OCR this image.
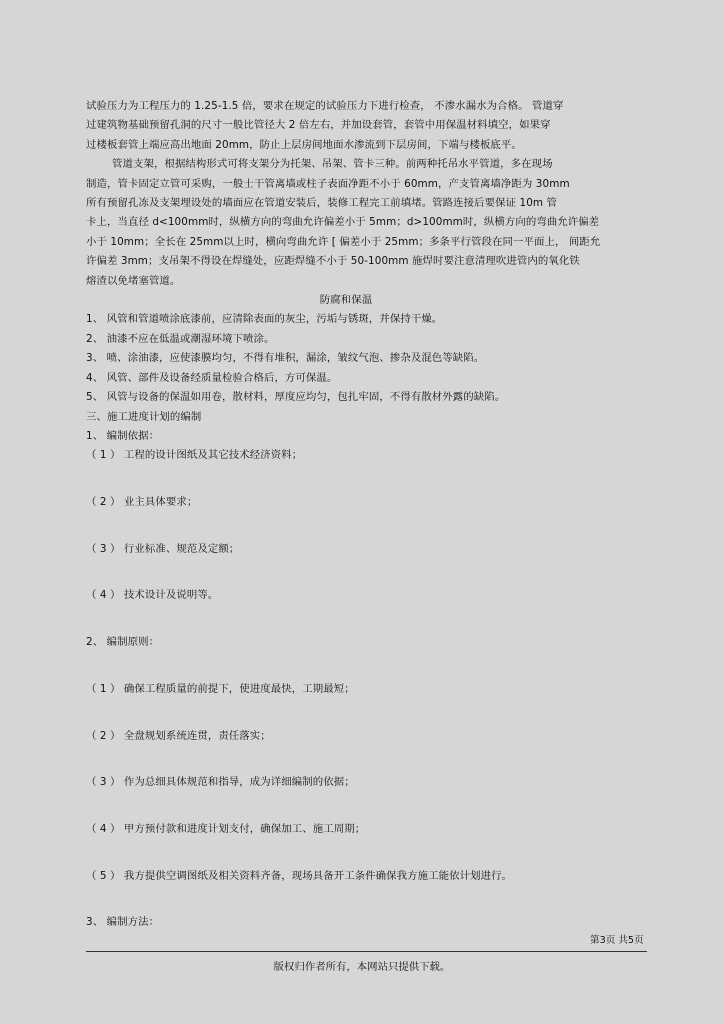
试验压力为工程压力的 1.25-1.5 倍，要求在规定的试验压力下进行检查， 不渗水漏水为合格。 管道穿

过建筑物基础预留孔洞的尺寸一般比管径大 2 倍左右，并加设套管，套管中用保温材料填空，如果穿

过楼板套管上端应高出地面 20mm，防止上层房间地面水渗流到下层房间，下端与楼板底平。

管道支架，根据结构形式可将支架分为托架、吊架、管卡三种。前两种托吊水平管道，多在现场

制造，管卡固定立管可采购，一般士干管离墙或柱子表面净距不小于 60mm，产支管离墙净距为 30mm

所有预留孔冻及支架埋设处的墙面应在管道安装后，装修工程完工前填堵。管路连接后要保证 10m 管

卡上，当直径 d<100mm时，纵横方向的弯曲允许偏差小于 5mm；d>100mm时，纵横方向的弯曲允许偏差

小于 10mm；全长在 25mm以上时，横向弯曲允许 [ 偏差小于 25mm；多条平行管段在同一平面上， 间距允

许偏差 3mm；支吊架不得设在焊缝处，应距焊缝不小于 50-100mm 施焊时要注意清理吹进管内的氧化铁

熔渣以免堵塞管道。

防腐和保温

1、 风管和管道喷涂底漆前，应清除表面的灰尘，污垢与锈斑，并保持干燥。

2、 油漆不应在低温或潮湿环境下喷涂。

3、 喷、涂油漆，应使漆膜均匀，不得有堆积，漏涂，皱纹气泡、掺杂及混色等缺陷。

4、 风管、部件及设备经质量检验合格后，方可保温。

5、 风管与设备的保温如用卷，散材料，厚度应均匀，包扎牢固，不得有散材外露的缺陷。

三、施工进度计划的编制

1、 编制依据：

（ 1 ） 工程的设计图纸及其它技术经济资料；

（ 2 ） 业主具体要求；

（ 3 ） 行业标准、规范及定额；

（ 4 ） 技术设计及说明等。

2、 编制原则：

（ 1 ） 确保工程质量的前提下，使进度最快，工期最短；

（ 2 ） 全盘规划系统连贯，责任落实；

（ 3 ） 作为总细具体规范和指导，成为详细编制的依据；

（ 4 ） 甲方预付款和进度计划支付，确保加工、施工周期；

（ 5 ） 我方提供空调图纸及相关资料齐备，现场具备开工条件确保我方施工能依计划进行。

3、 编制方法：

第3页 共5页
版权归作者所有，本网站只提供下载。
